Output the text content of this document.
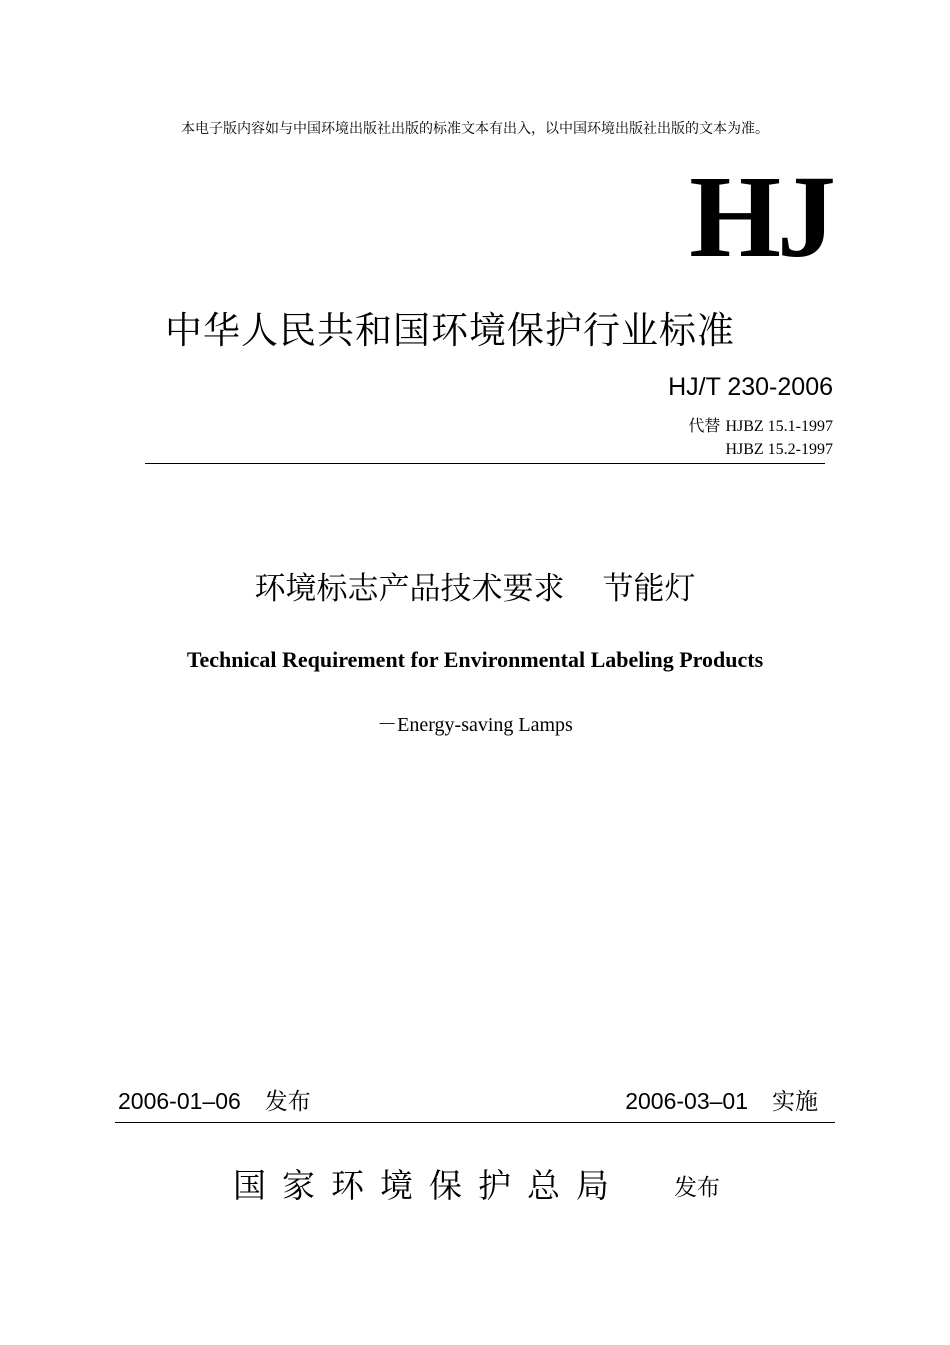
本电子版内容如与中国环境出版社出版的标准文本有出入，以中国环境出版社出版的文本为准。
HJ
中华人民共和国环境保护行业标准
HJ/T 230-2006
代替 HJBZ 15.1-1997
HJBZ 15.2-1997
环境标志产品技术要求 节能灯
Technical Requirement for Environmental Labeling Products
－Energy-saving Lamps
2006-01–06 发布	2006-03–01 实施
国家环境保护总局 发布
